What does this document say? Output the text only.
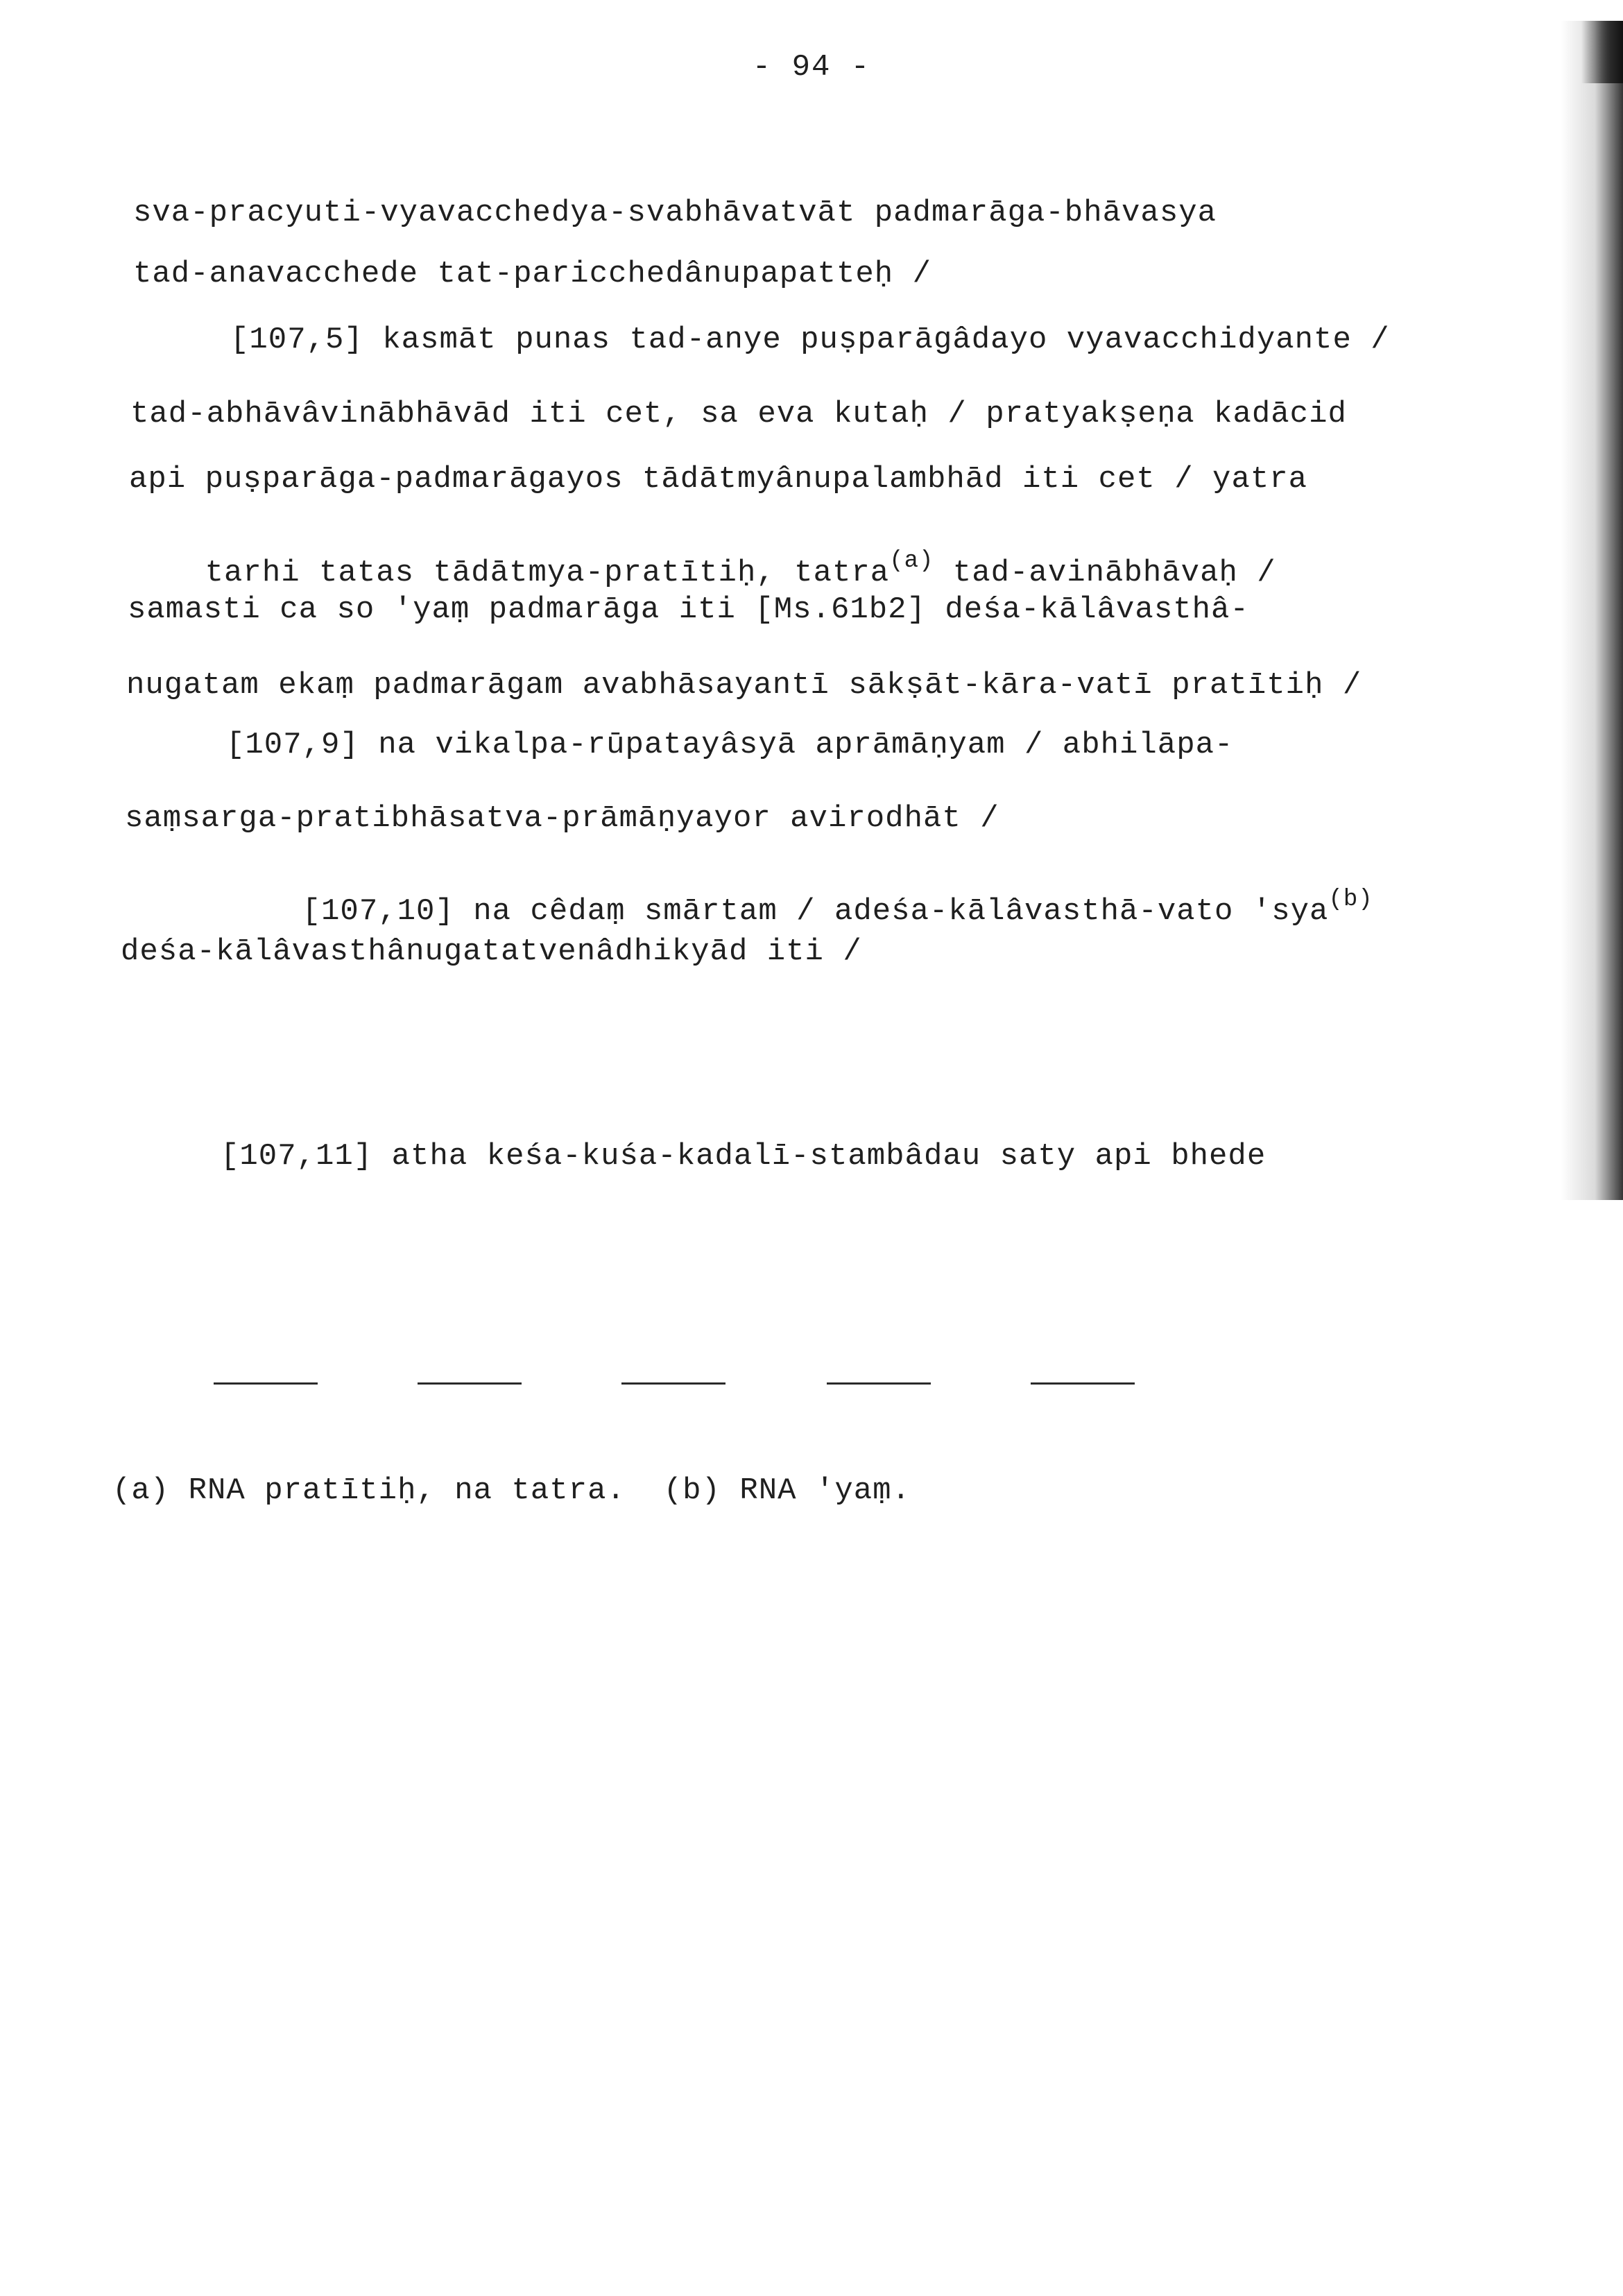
- 94 -
sva-pracyuti-vyavacchedya-svabhāvatvāt padmarāga-bhāvasya
tad-anavacchede tat-paricchedânupapatteḥ /
[107,5] kasmāt punas tad-anye puṣparāgâdayo vyavacchidyante /
tad-abhāvâvinābhāvād iti cet, sa eva kutaḥ / pratyakṣeṇa kadācid
api puṣparāga-padmarāgayos tādātmyânupalambhād iti cet / yatra

tarhi tatas tādātmya-pratītiḥ, tatra$^{(a)}$ tad-avinābhāvaḥ /

samasti ca so 'yaṃ padmarāga iti [Ms.61b2] deśa-kālâvasthâ-
nugatam ekaṃ padmarāgam avabhāsayantī sākṣāt-kāra-vatī pratītiḥ /
[107,9] na vikalpa-rūpatayâsyā aprāmāṇyam / abhilāpa-
saṃsarga-pratibhāsatva-prāmāṇyayor avirodhāt /

[107,10] na cêdaṃ smārtam / adeśa-kālâvasthā-vato 'sya$^{(b)}$

deśa-kālâvasthânugatatvenâdhikyād iti /
[107,11] atha keśa-kuśa-kadalī-stambâdau saty api bhede
(a) RNA pratītiḥ, na tatra.  (b) RNA 'yaṃ.
